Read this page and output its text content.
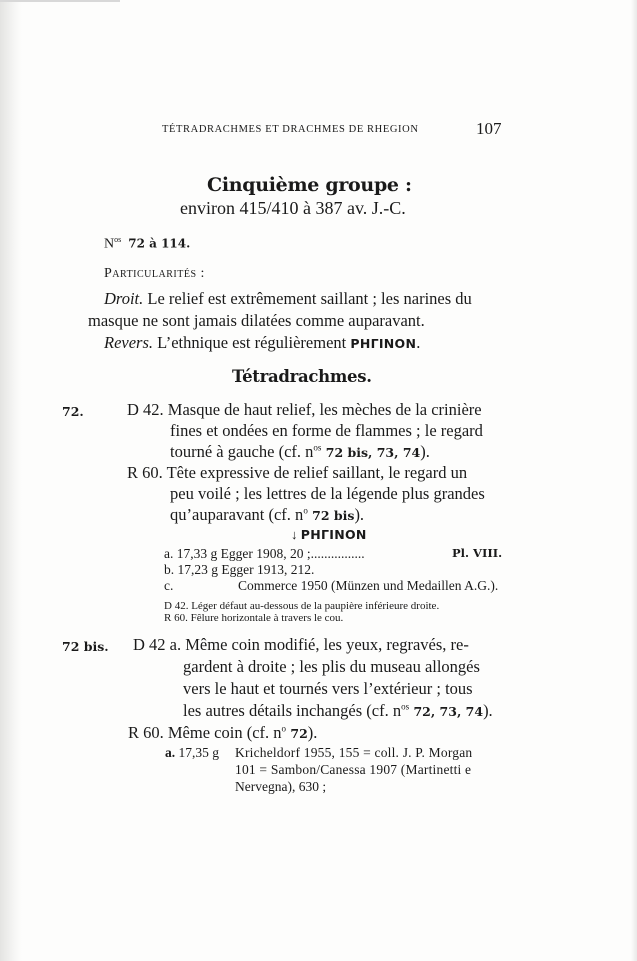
TÉTRADRACHMES ET DRACHMES DE RHEGION	107
Cinquième groupe :
environ 415/410 à 387 av. J.-C.
$N^{os}$ 72 à 114.
Particularités :
Droit. Le relief est extrêmement saillant ; les narines du
masque ne sont jamais dilatées comme auparavant.
Revers. L’ethnique est régulièrement ΡΗΓΙΝΟΝ.
Tétradrachmes.
72.	D 42. Masque de haut relief, les mèches de la crinière
fines et ondées en forme de flammes ; le regard
tourné à gauche (cf. $n^{os}$ 72 bis, 73, 74).
R 60. Tête expressive de relief saillant, le regard un
peu voilé ; les lettres de la légende plus grandes
qu’auparavant (cf. $n^o$ 72 bis).
↓ ΡΗΓΙΝΟΝ
a. 17,33 g Egger 1908, 20 ;................	Pl. VIII.
b. 17,23 g Egger 1913, 212.
c.	Commerce 1950 (Münzen und Medaillen A.G.).
D 42. Léger défaut au-dessous de la paupière inférieure droite.
R 60. Fêlure horizontale à travers le cou.
72 bis. D 42 a. Même coin modifié, les yeux, regravés, re-
gardent à droite ; les plis du museau allongés
vers le haut et tournés vers l’extérieur ; tous
les autres détails inchangés (cf. $n^{os}$ 72, 73, 74).
R 60. Même coin (cf. $n^o$ 72).
a. 17,35 g Kricheldorf 1955, 155 = coll. J. P. Morgan
101 = Sambon/Canessa 1907 (Martinetti e
Nervegna), 630 ;
